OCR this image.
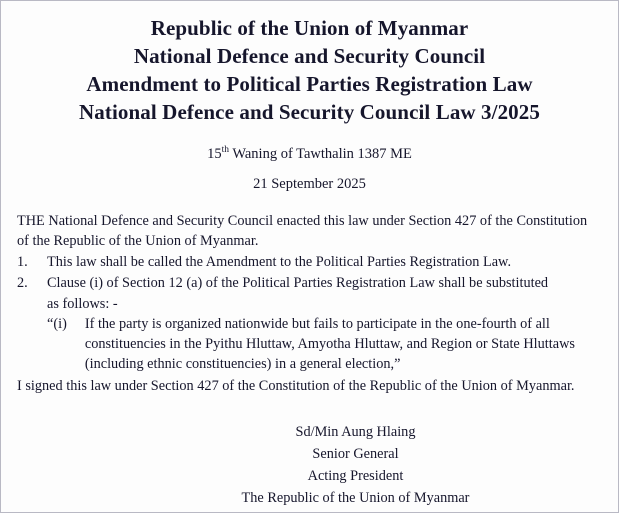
Republic of the Union of Myanmar
National Defence and Security Council
Amendment to Political Parties Registration Law
National Defence and Security Council Law 3/2025
15th Waning of Tawthalin 1387 ME
21 September 2025

THE National Defence and Security Council enacted this law under Section 427 of the Constitution of the Republic of the Union of Myanmar.

1.	This law shall be called the Amendment to the Political Parties Registration Law.
2.	Clause (i) of Section 12 (a) of the Political Parties Registration Law shall be substituted
as follows: -
“(i)	If the party is organized nationwide but fails to participate in the one-fourth of all
constituencies in the Pyithu Hluttaw, Amyotha Hluttaw, and Region or State Hluttaws
(including ethnic constituencies) in a general election,”

I signed this law under Section 427 of the Constitution of the Republic of the Union of Myanmar.

Sd/Min Aung Hlaing
Senior General
Acting President
The Republic of the Union of Myanmar
